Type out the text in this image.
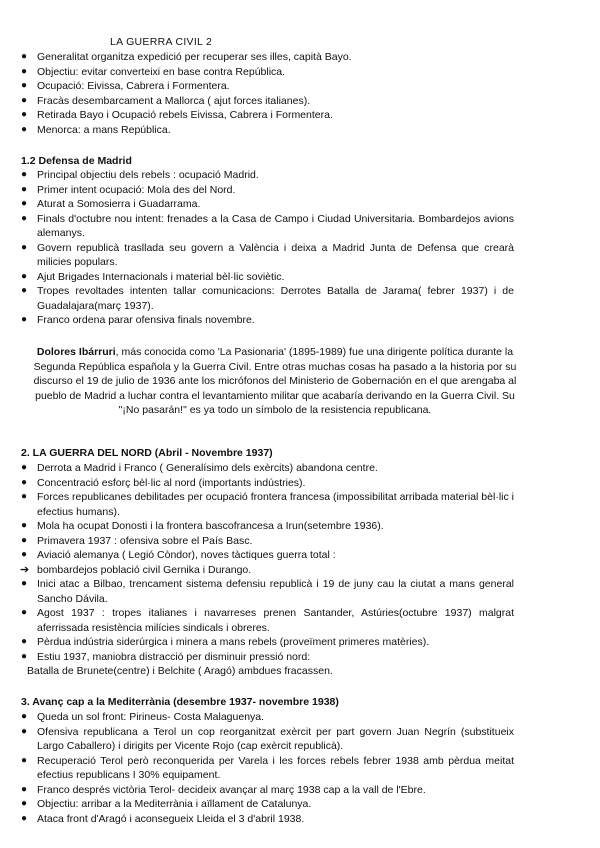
LA GUERRA CIVIL 2
● Generalitat organitza expedició per recuperar ses illes, capità Bayo.
● Objectiu: evitar converteixi en base contra República.
● Ocupació: Eivissa, Cabrera i Formentera.
● Fracàs desembarcament a Mallorca ( ajut forces italianes).
● Retirada Bayo i Ocupació rebels Eivissa, Cabrera i Formentera.
● Menorca: a mans República.
1.2 Defensa de Madrid
● Principal objectiu dels rebels : ocupació Madrid.
● Primer intent ocupació: Mola des del Nord.
● Aturat a Somosierra i Guadarrama.
● Finals d'octubre nou intent: frenades a la Casa de Campo i Ciudad Universitaria. Bombardejos avions alemanys.
● Govern republicà trasllada seu govern a València i deixa a Madrid Junta de Defensa que crearà milicies populars.
● Ajut Brigades Internacionals i material bèl·lic soviètic.
● Tropes revoltades intenten tallar comunicacions: Derrotes Batalla de Jarama( febrer 1937) i de Guadalajara(març 1937).
● Franco ordena parar ofensiva finals novembre.
Dolores Ibárruri, más conocida como 'La Pasionaria' (1895-1989) fue una dirigente política durante la Segunda República española y la Guerra Civil. Entre otras muchas cosas ha pasado a la historia por su discurso el 19 de julio de 1936 ante los micrófonos del Ministerio de Gobernación en el que arengaba al pueblo de Madrid a luchar contra el levantamiento militar que acabaría derivando en la Guerra Civil. Su "¡No pasarán!" es ya todo un símbolo de la resistencia republicana.
2. LA GUERRA DEL NORD (Abril - Novembre 1937)
● Derrota a Madrid i Franco ( Generalísimo dels exèrcits) abandona centre.
● Concentració esforç bèl·lic al nord (importants indústries).
● Forces republicanes debilitades per ocupació frontera francesa (impossibilitat arribada material bèl·lic i efectius humans).
● Mola ha ocupat Donosti i la frontera bascofrancesa a Irun(setembre 1936).
● Primavera 1937 : ofensiva sobre el País Basc.
● Aviació alemanya ( Legió Còndor), noves tàctiques guerra total :
➔ bombardejos població civil Gernika i Durango.
● Inici atac a Bilbao, trencament sistema defensiu republicà i 19 de juny cau la ciutat a mans general Sancho Dávila.
● Agost 1937 : tropes italianes i navarreses prenen Santander, Astúries(octubre 1937) malgrat aferrissada resistència milícies sindicals i obreres.
● Pèrdua indústria siderúrgica i minera a mans rebels (proveïment primeres matèries).
● Estiu 1937, maniobra distracció per disminuir pressió nord:
Batalla de Brunete(centre) i Belchite ( Aragó) ambdues fracassen.
3. Avanç cap a la Mediterrània (desembre 1937- novembre 1938)
● Queda un sol front: Pirineus- Costa Malaguenya.
● Ofensiva republicana a Terol un cop reorganitzat exèrcit per part govern Juan Negrín (substitueix Largo Caballero) i dirigits per Vicente Rojo (cap exèrcit republicà).
● Recuperació Terol però reconquerida per Varela i les forces rebels febrer 1938 amb pèrdua meitat efectius republicans I 30% equipament.
● Franco després victòria Terol- decideix avançar al març 1938 cap a la vall de l'Ebre.
● Objectiu: arribar a la Mediterrània i aïllament de Catalunya.
● Ataca front d'Aragó i aconsegueix Lleida el 3 d'abril 1938.
